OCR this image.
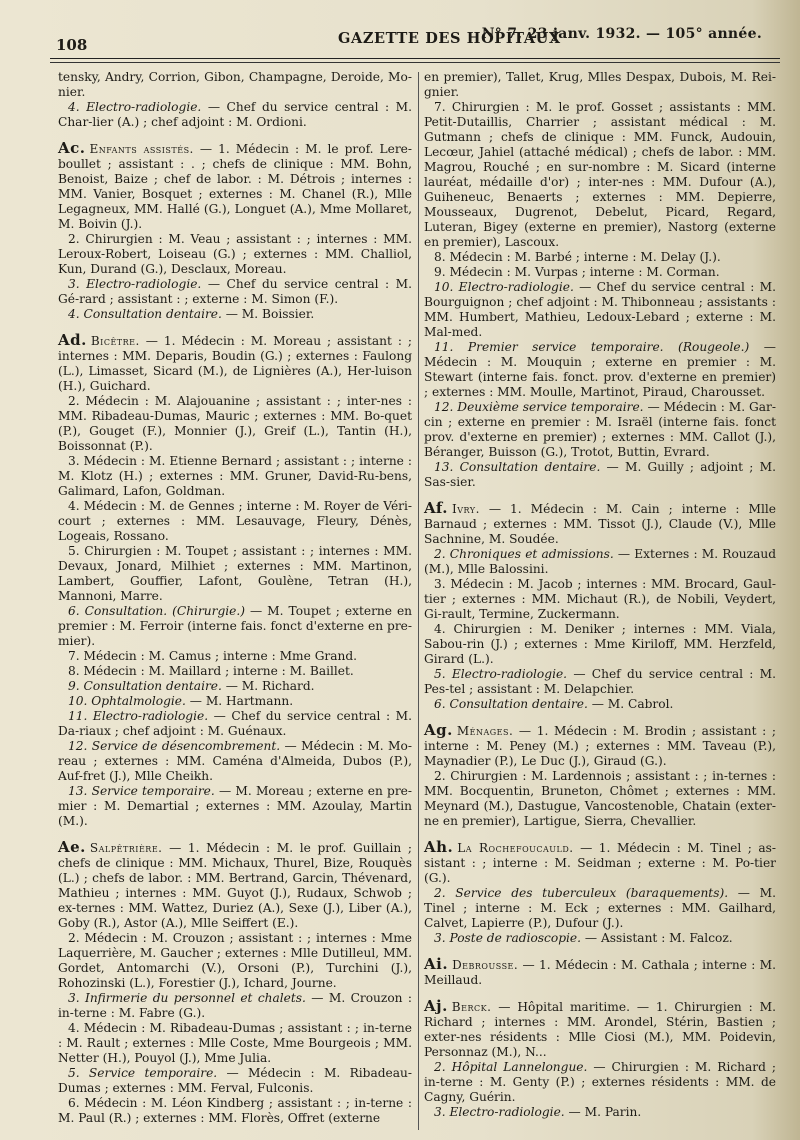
108	GAZETTE DES HOPITAUX
N° 7, 23 janv. 1932. — 105° année.

tensky, Andry, Corrion, Gibon, Champagne, Deroide, Mo-nier.

4. Electro-radiologie. — Chef du service central : M. Char-lier (A.) ; chef adjoint : M. Ordioni.

Ac. Enfants assistés. — 1. Médecin : M. le prof. Lere-boullet ; assistant : . ; chefs de clinique : MM. Bohn, Benoist, Baize ; chef de labor. : M. Détrois ; internes : MM. Vanier, Bosquet ; externes : M. Chanel (R.), Mlle Legagneux, MM. Hallé (G.), Longuet (A.), Mme Mollaret, M. Boivin (J.).

2. Chirurgien : M. Veau ; assistant : ; internes : MM. Leroux-Robert, Loiseau (G.) ; externes : MM. Challiol, Kun, Durand (G.), Desclaux, Moreau.

3. Electro-radiologie. — Chef du service central : M. Gé-rard ; assistant : ; externe : M. Simon (F.).

4. Consultation dentaire. — M. Boissier.

Ad. Bicêtre. — 1. Médecin : M. Moreau ; assistant : ; internes : MM. Deparis, Boudin (G.) ; externes : Faulong (L.), Limasset, Sicard (M.), de Lignières (A.), Her-luison (H.), Guichard.

2. Médecin : M. Alajouanine ; assistant : ; inter-nes : MM. Ribadeau-Dumas, Mauric ; externes : MM. Bo-quet (P.), Gouget (F.), Monnier (J.), Greif (L.), Tantin (H.), Boissonnat (P.).

3. Médecin : M. Etienne Bernard ; assistant : ; interne : M. Klotz (H.) ; externes : MM. Gruner, David-Ru-bens, Galimard, Lafon, Goldman.

4. Médecin : M. de Gennes ; interne : M. Royer de Véri-court ; externes : MM. Lesauvage, Fleury, Dénès, Logeais, Rossano.

5. Chirurgien : M. Toupet ; assistant : ; internes : MM. Devaux, Jonard, Milhiet ; externes : MM. Martinon, Lambert, Gouffier, Lafont, Goulène, Tetran (H.), Mannoni, Marre.

6. Consultation. (Chirurgie.) — M. Toupet ; externe en premier : M. Ferroir (interne fais. fonct d'externe en pre-mier).

7. Médecin : M. Camus ; interne : Mme Grand.

8. Médecin : M. Maillard ; interne : M. Baillet.

9. Consultation dentaire. — M. Richard.

10. Ophtalmologie. — M. Hartmann.

11. Electro-radiologie. — Chef du service central : M. Da-riaux ; chef adjoint : M. Guénaux.

12. Service de désencombrement. — Médecin : M. Mo-reau ; externes : MM. Caména d'Almeida, Dubos (P.), Auf-fret (J.), Mlle Cheikh.

13. Service temporaire. — M. Moreau ; externe en pre-mier : M. Demartial ; externes : MM. Azoulay, Martin (M.).

Ae. Salpêtrière. — 1. Médecin : M. le prof. Guillain ; chefs de clinique : MM. Michaux, Thurel, Bize, Rouquès (L.) ; chefs de labor. : MM. Bertrand, Garcin, Thévenard, Mathieu ; internes : MM. Guyot (J.), Rudaux, Schwob ; ex-ternes : MM. Wattez, Duriez (A.), Sexe (J.), Liber (A.), Goby (R.), Astor (A.), Mlle Seiffert (E.).

2. Médecin : M. Crouzon ; assistant : ; internes : Mme Laquerrière, M. Gaucher ; externes : Mlle Dutilleul, MM. Gordet, Antomarchi (V.), Orsoni (P.), Turchini (J.), Rohozinski (L.), Forestier (J.), Ichard, Journe.

3. Infirmerie du personnel et chalets. — M. Crouzon : in-terne : M. Fabre (G.).

4. Médecin : M. Ribadeau-Dumas ; assistant : ; in-terne : M. Rault ; externes : Mlle Coste, Mme Bourgeois ; MM. Netter (H.), Pouyol (J.), Mme Julia.

5. Service temporaire. — Médecin : M. Ribadeau-Dumas ; externes : MM. Ferval, Fulconis.

6. Médecin : M. Léon Kindberg ; assistant : ; in-terne : M. Paul (R.) ; externes : MM. Florès, Offret (externe

en premier), Tallet, Krug, Mlles Despax, Dubois, M. Rei-gnier.

7. Chirurgien : M. le prof. Gosset ; assistants : MM. Petit-Dutaillis, Charrier ; assistant médical : M. Gutmann ; chefs de clinique : MM. Funck, Audouin, Lecœur, Jahiel (attaché médical) ; chefs de labor. : MM. Magrou, Rouché ; en sur-nombre : M. Sicard (interne lauréat, médaille d'or) ; inter-nes : MM. Dufour (A.), Guiheneuc, Benaerts ; externes : MM. Depierre, Mousseaux, Dugrenot, Debelut, Picard, Regard, Luteran, Bigey (externe en premier), Nastorg (externe en premier), Lascoux.

8. Médecin : M. Barbé ; interne : M. Delay (J.).

9. Médecin : M. Vurpas ; interne : M. Corman.

10. Electro-radiologie. — Chef du service central : M. Bourguignon ; chef adjoint : M. Thibonneau ; assistants : MM. Humbert, Mathieu, Ledoux-Lebard ; externe : M. Mal-med.

11. Premier service temporaire. (Rougeole.) — Médecin : M. Mouquin ; externe en premier : M. Stewart (interne fais. fonct. prov. d'externe en premier) ; externes : MM. Moulle, Martinot, Piraud, Charousset.

12. Deuxième service temporaire. — Médecin : M. Gar-cin ; externe en premier : M. Israël (interne fais. fonct prov. d'externe en premier) ; externes : MM. Callot (J.), Béranger, Buisson (G.), Trotot, Buttin, Evrard.

13. Consultation dentaire. — M. Guilly ; adjoint ; M. Sas-sier.

Af. Ivry. — 1. Médecin : M. Cain ; interne : Mlle Barnaud ; externes : MM. Tissot (J.), Claude (V.), Mlle Sachnine, M. Soudée.

2. Chroniques et admissions. — Externes : M. Rouzaud (M.), Mlle Balossini.

3. Médecin : M. Jacob ; internes : MM. Brocard, Gaul-tier ; externes : MM. Michaut (R.), de Nobili, Veydert, Gi-rault, Termine, Zuckermann.

4. Chirurgien : M. Deniker ; internes : MM. Viala, Sabou-rin (J.) ; externes : Mme Kiriloff, MM. Herzfeld, Girard (L.).

5. Electro-radiologie. — Chef du service central : M. Pes-tel ; assistant : M. Delapchier.

6. Consultation dentaire. — M. Cabrol.

Ag. Ménages. — 1. Médecin : M. Brodin ; assistant : ; interne : M. Peney (M.) ; externes : MM. Taveau (P.), Maynadier (P.), Le Duc (J.), Giraud (G.).

2. Chirurgien : M. Lardennois ; assistant : ; in-ternes : MM. Bocquentin, Bruneton, Chômet ; externes : MM. Meynard (M.), Dastugue, Vancostenoble, Chatain (exter-ne en premier), Lartigue, Sierra, Chevallier.

Ah. La Rochefoucauld. — 1. Médecin : M. Tinel ; as-sistant : ; interne : M. Seidman ; externe : M. Po-tier (G.).

2. Service des tuberculeux (baraquements). — M. Tinel ; interne : M. Eck ; externes : MM. Gailhard, Calvet, Lapierre (P.), Dufour (J.).

3. Poste de radioscopie. — Assistant : M. Falcoz.

Ai. Debrousse. — 1. Médecin : M. Cathala ; interne : M. Meillaud.

Aj. Berck. — Hôpital maritime. — 1. Chirurgien : M. Richard ; internes : MM. Arondel, Stérin, Bastien ; exter-nes résidents : Mlle Ciosi (M.), MM. Poidevin, Personnaz (M.), N...

2. Hôpital Lannelongue. — Chirurgien : M. Richard ; in-terne : M. Genty (P.) ; externes résidents : MM. de Cagny, Guérin.

3. Electro-radiologie. — M. Parin.
